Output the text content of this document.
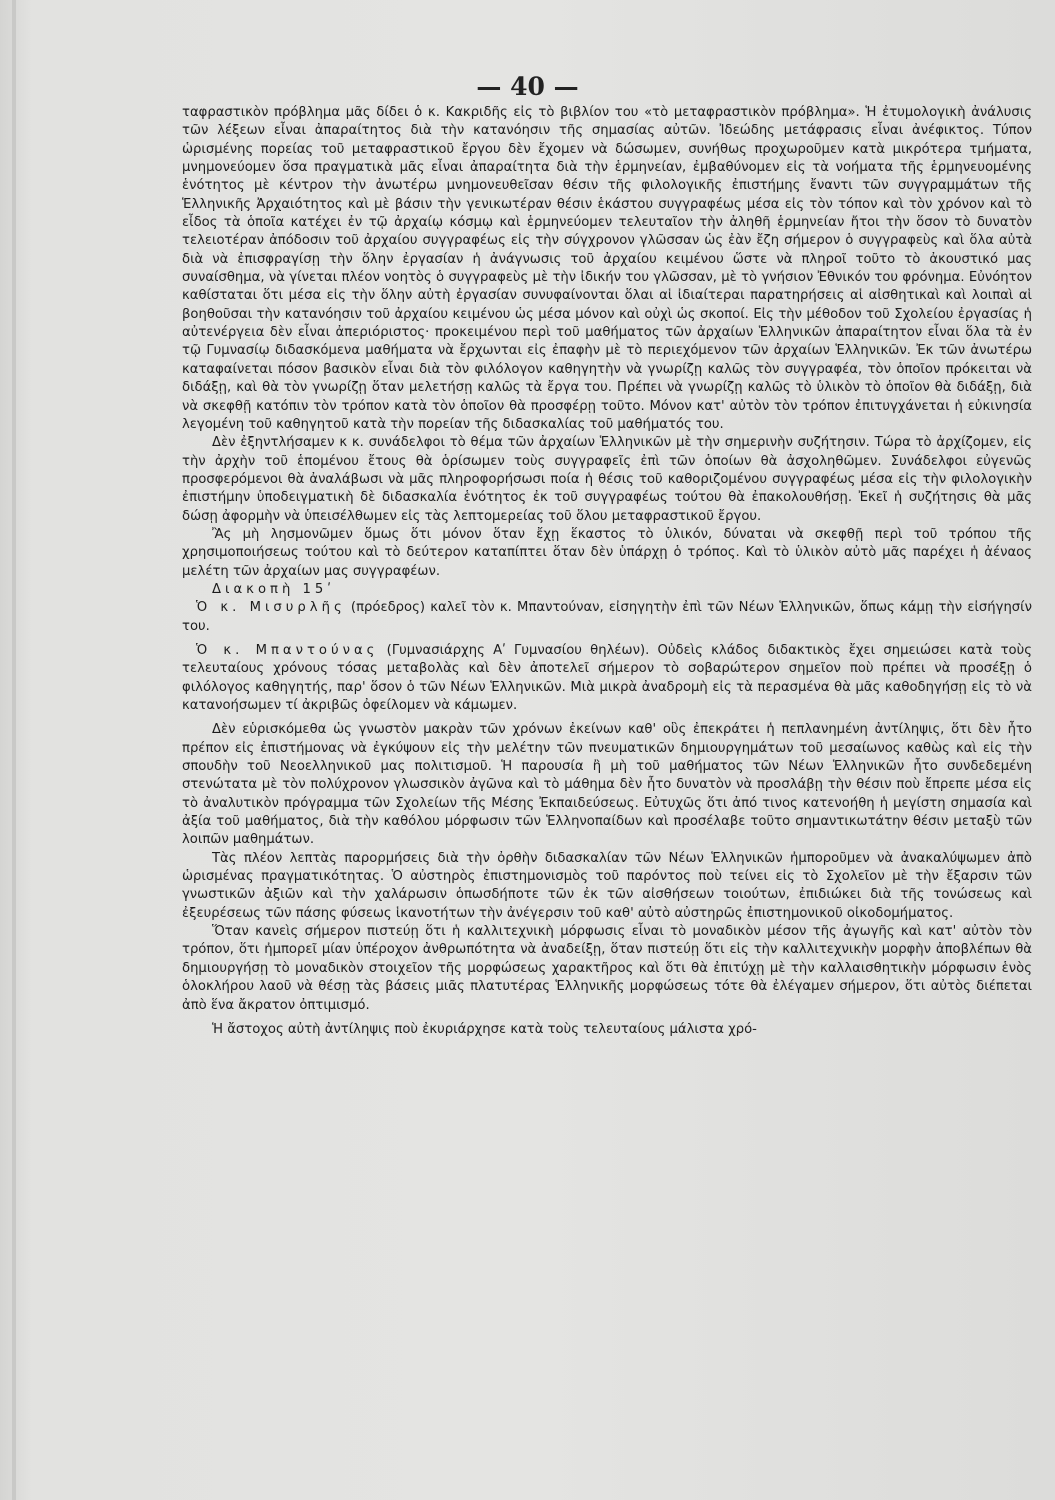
— 40 —

ταφραστικὸν πρόβλημα μᾶς δίδει ὁ κ. Κακριδῆς εἰς τὸ βιβλίον του «τὸ μεταφραστικὸν πρόβλημα». Ἡ ἐτυμολογικὴ ἀνάλυσις τῶν λέξεων εἶναι ἀπαραίτητος διὰ τὴν κατανόησιν τῆς σημασίας αὐτῶν. Ἰδεώδης μετάφρασις εἶναι ἀνέφικτος. Τύπον ὡρισμένης πορείας τοῦ μεταφραστικοῦ ἔργου δὲν ἔχομεν νὰ δώσωμεν, συνήθως προχωροῦμεν κατὰ μικρότερα τμήματα, μνημονεύομεν ὅσα πραγματικὰ μᾶς εἶναι ἀπαραίτητα διὰ τὴν ἑρμηνείαν, ἐμβαθύνομεν εἰς τὰ νοήματα τῆς ἑρμηνευομένης ἑνότητος μὲ κέντρον τὴν ἀνωτέρω μνημονευθεῖσαν θέσιν τῆς φιλολογικῆς ἐπιστήμης ἔναντι τῶν συγγραμμάτων τῆς Ἑλληνικῆς Ἀρχαιότητος καὶ μὲ βάσιν τὴν γενικωτέραν θέσιν ἑκάστου συγγραφέως μέσα εἰς τὸν τόπον καὶ τὸν χρόνον καὶ τὸ εἶδος τὰ ὁποῖα κατέχει ἐν τῷ ἀρχαίῳ κόσμῳ καὶ ἑρμηνεύομεν τελευταῖον τὴν ἀληθῆ ἑρμηνείαν ἤτοι τὴν ὅσον τὸ δυνατὸν τελειοτέραν ἀπόδοσιν τοῦ ἀρχαίου συγγραφέως εἰς τὴν σύγχρονον γλῶσσαν ὡς ἐὰν ἔζη σήμερον ὁ συγγραφεὺς καὶ ὅλα αὐτὰ διὰ νὰ ἐπισφραγίσῃ τὴν ὅλην ἐργασίαν ἡ ἀνάγνωσις τοῦ ἀρχαίου κειμένου ὥστε νὰ πληροῖ τοῦτο τὸ ἀκουστικό μας συναίσθημα, νὰ γίνεται πλέον νοητὸς ὁ συγγραφεὺς μὲ τὴν ἰδικήν του γλῶσσαν, μὲ τὸ γνήσιον Ἐθνικόν του φρόνημα. Εὐνόητον καθίσταται ὅτι μέσα εἰς τὴν ὅλην αὐτὴ ἐργασίαν συνυφαίνονται ὅλαι αἱ ἰδιαίτεραι παρατηρήσεις αἱ αἰσθητικαὶ καὶ λοιπαὶ αἱ βοηθοῦσαι τὴν κατανόησιν τοῦ ἀρχαίου κειμένου ὡς μέσα μόνον καὶ οὐχὶ ὡς σκοποί. Εἰς τὴν μέθοδον τοῦ Σχολείου ἐργασίας ἡ αὐτενέργεια δὲν εἶναι ἀπεριόριστος· προκειμένου περὶ τοῦ μαθήματος τῶν ἀρχαίων Ἑλληνικῶν ἀπαραίτητον εἶναι ὅλα τὰ ἐν τῷ Γυμνασίῳ διδασκόμενα μαθήματα νὰ ἔρχωνται εἰς ἐπαφὴν μὲ τὸ περιεχόμενον τῶν ἀρχαίων Ἑλληνικῶν. Ἐκ τῶν ἀνωτέρω καταφαίνεται πόσον βασικὸν εἶναι διὰ τὸν φιλόλογον καθηγητὴν νὰ γνωρίζῃ καλῶς τὸν συγγραφέα, τὸν ὁποῖον πρόκειται νὰ διδάξῃ, καὶ θὰ τὸν γνωρίζῃ ὅταν μελετήσῃ καλῶς τὰ ἔργα του. Πρέπει νὰ γνωρίζῃ καλῶς τὸ ὑλικὸν τὸ ὁποῖον θὰ διδάξῃ, διὰ νὰ σκεφθῇ κατόπιν τὸν τρόπον κατὰ τὸν ὁποῖον θὰ προσφέρῃ τοῦτο. Μόνον κατ' αὐτὸν τὸν τρόπον ἐπιτυγχάνεται ἡ εὐκινησία λεγομένη τοῦ καθηγητοῦ κατὰ τὴν πορείαν τῆς διδασκαλίας τοῦ μαθήματός του.

Δὲν ἐξηντλήσαμεν κ κ. συνάδελφοι τὸ θέμα τῶν ἀρχαίων Ἑλληνικῶν μὲ τὴν σημερινὴν συζήτησιν. Τώρα τὸ ἀρχίζομεν, εἰς τὴν ἀρχὴν τοῦ ἑπομένου ἔτους θὰ ὁρίσωμεν τοὺς συγγραφεῖς ἐπὶ τῶν ὁποίων θὰ ἀσχοληθῶμεν. Συνάδελφοι εὐγενῶς προσφερόμενοι θὰ ἀναλάβωσι νὰ μᾶς πληροφορήσωσι ποία ἡ θέσις τοῦ καθοριζομένου συγγραφέως μέσα εἰς τὴν φιλολογικὴν ἐπιστήμην ὑποδειγματικὴ δὲ διδασκαλία ἑνότητος ἐκ τοῦ συγγραφέως τούτου θὰ ἐπακολουθήσῃ. Ἐκεῖ ἡ συζήτησις θὰ μᾶς δώσῃ ἀφορμὴν νὰ ὑπεισέλθωμεν εἰς τὰς λεπτομερείας τοῦ ὅλου μεταφραστικοῦ ἔργου.

Ἂς μὴ λησμονῶμεν ὅμως ὅτι μόνον ὅταν ἔχῃ ἕκαστος τὸ ὑλικόν, δύναται νὰ σκεφθῇ περὶ τοῦ τρόπου τῆς χρησιμοποιήσεως τούτου καὶ τὸ δεύτερον καταπίπτει ὅταν δὲν ὑπάρχῃ ὁ τρόπος. Καὶ τὸ ὑλικὸν αὐτὸ μᾶς παρέχει ἡ ἀέναος μελέτη τῶν ἀρχαίων μας συγγραφέων.

Διακοπὴ 15ʹ

Ὁ κ. Μισυρλῆς (πρόεδρος) καλεῖ τὸν κ. Μπαντούναν, εἰσηγητὴν ἐπὶ τῶν Νέων Ἑλληνικῶν, ὅπως κάμῃ τὴν εἰσήγησίν του.

Ὁ κ. Μπαντούνας (Γυμνασιάρχης Αʹ Γυμνασίου θηλέων). Οὐδεὶς κλάδος διδακτικὸς ἔχει σημειώσει κατὰ τοὺς τελευταίους χρόνους τόσας μεταβολὰς καὶ δὲν ἀποτελεῖ σήμερον τὸ σοβαρώτερον σημεῖον ποὺ πρέπει νὰ προσέξῃ ὁ φιλόλογος καθηγητής, παρ' ὅσον ὁ τῶν Νέων Ἑλληνικῶν. Μιὰ μικρὰ ἀναδρομὴ εἰς τὰ περασμένα θὰ μᾶς καθοδηγήσῃ εἰς τὸ νὰ κατανοήσωμεν τί ἀκριβῶς ὀφείλομεν νὰ κάμωμεν.

Δὲν εὑρισκόμεθα ὡς γνωστὸν μακρὰν τῶν χρόνων ἐκείνων καθ' οὓς ἐπεκράτει ἡ πεπλανημένη ἀντίληψις, ὅτι δὲν ἦτο πρέπον εἰς ἐπιστήμονας νὰ ἐγκύψουν εἰς τὴν μελέτην τῶν πνευματικῶν δημιουργημάτων τοῦ μεσαίωνος καθὼς καὶ εἰς τὴν σπουδὴν τοῦ Νεοελληνικοῦ μας πολιτισμοῦ. Ἡ παρουσία ἢ μὴ τοῦ μαθήματος τῶν Νέων Ἑλληνικῶν ἦτο συνδεδεμένη στενώτατα μὲ τὸν πολύχρονον γλωσσικὸν ἀγῶνα καὶ τὸ μάθημα δὲν ἦτο δυνατὸν νὰ προσλάβῃ τὴν θέσιν ποὺ ἔπρεπε μέσα εἰς τὸ ἀναλυτικὸν πρόγραμμα τῶν Σχολείων τῆς Μέσης Ἐκπαιδεύσεως. Εὐτυχῶς ὅτι ἀπό τινος κατενοήθη ἡ μεγίστη σημασία καὶ ἀξία τοῦ μαθήματος, διὰ τὴν καθόλου μόρφωσιν τῶν Ἑλληνοπαίδων καὶ προσέλαβε τοῦτο σημαντικωτάτην θέσιν μεταξὺ τῶν λοιπῶν μαθημάτων.

Τὰς πλέον λεπτὰς παρορμήσεις διὰ τὴν ὀρθὴν διδασκαλίαν τῶν Νέων Ἑλληνικῶν ἠμποροῦμεν νὰ ἀνακαλύψωμεν ἀπὸ ὡρισμένας πραγματικότητας. Ὁ αὐστηρὸς ἐπιστημονισμὸς τοῦ παρόντος ποὺ τείνει εἰς τὸ Σχολεῖον μὲ τὴν ἔξαρσιν τῶν γνωστικῶν ἀξιῶν καὶ τὴν χαλάρωσιν ὁπωσδήποτε τῶν ἐκ τῶν αἰσθήσεων τοιούτων, ἐπιδιώκει διὰ τῆς τονώσεως καὶ ἐξευρέσεως τῶν πάσης φύσεως ἱκανοτήτων τὴν ἀνέγερσιν τοῦ καθ' αὐτὸ αὐστηρῶς ἐπιστημονικοῦ οἰκοδομήματος.

Ὅταν κανεὶς σήμερον πιστεύῃ ὅτι ἡ καλλιτεχνικὴ μόρφωσις εἶναι τὸ μοναδικὸν μέσον τῆς ἀγωγῆς καὶ κατ' αὐτὸν τὸν τρόπον, ὅτι ἠμπορεῖ μίαν ὑπέροχον ἀνθρωπότητα νὰ ἀναδείξῃ, ὅταν πιστεύῃ ὅτι εἰς τὴν καλλιτεχνικὴν μορφὴν ἀποβλέπων θὰ δημιουργήσῃ τὸ μοναδικὸν στοιχεῖον τῆς μορφώσεως χαρακτῆρος καὶ ὅτι θὰ ἐπιτύχῃ μὲ τὴν καλλαισθητικὴν μόρφωσιν ἑνὸς ὁλοκλήρου λαοῦ νὰ θέσῃ τὰς βάσεις μιᾶς πλατυτέρας Ἑλληνικῆς μορφώσεως τότε θὰ ἐλέγαμεν σήμερον, ὅτι αὐτὸς διέπεται ἀπὸ ἕνα ἄκρατον ὀπτιμισμό.

Ἡ ἄστοχος αὐτὴ ἀντίληψις ποὺ ἐκυριάρχησε κατὰ τοὺς τελευταίους μάλιστα χρό-
